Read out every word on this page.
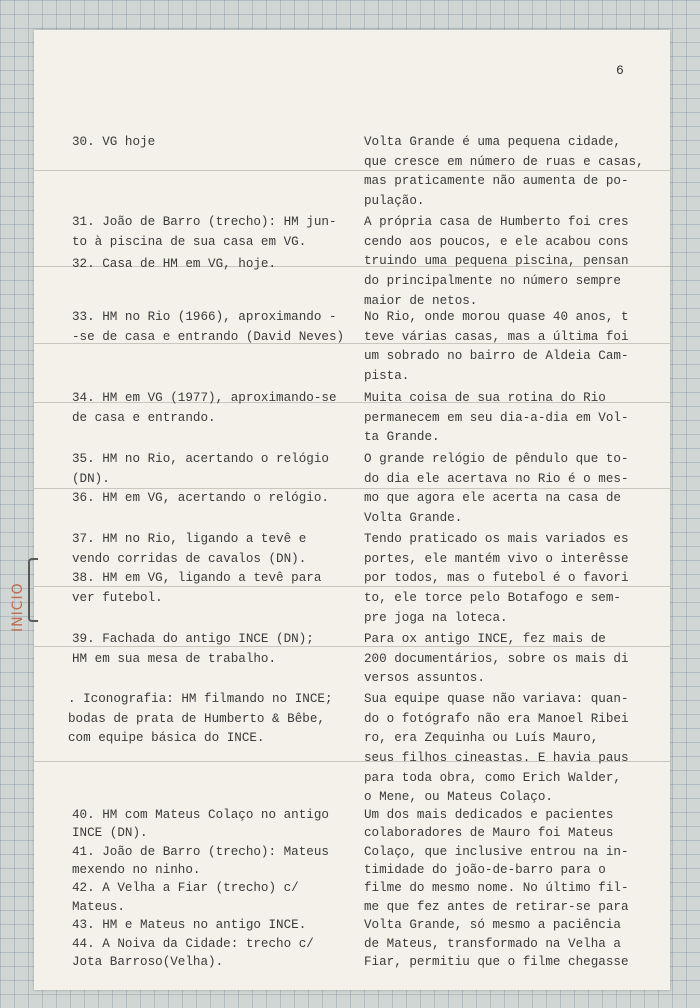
6

30. VG hoje

	Volta Grande é uma pequena cidade,
que cresce em número de ruas e casas,
mas praticamente não aumenta de po-
pulação.

31. João de Barro (trecho): HM jun-
to à piscina de sua casa em VG.
32. Casa de HM em VG, hoje.

A própria casa de Humberto foi cres
cendo aos poucos, e ele acabou cons
truindo uma pequena piscina, pensan
do principalmente no número sempre
maior de netos.

33. HM no Rio (1966), aproximando -
-se de casa e entrando (David Neves)

No Rio, onde morou quase 40 anos, t
teve várias casas, mas a última foi
um sobrado no bairro de Aldeia Cam-
pista.

34. HM em VG (1977), aproximando-se
de casa e entrando.

Muita coisa de sua rotina do Rio
permanecem em seu dia-a-dia em Vol-
ta Grande.

35. HM no Rio, acertando o relógio
(DN).
36. HM em VG, acertando o relógio.

O grande relógio de pêndulo que to-
do dia ele acertava no Rio é o mes-
mo que agora ele acerta na casa de
Volta Grande.

37. HM no Rio, ligando a tevê e
vendo corridas de cavalos (DN).
38. HM em VG, ligando a tevê para
ver futebol.

Tendo praticado os mais variados es
portes, ele mantém vivo o interêsse
por todos, mas o futebol é o favori
to, ele torce pelo Botafogo e sem-
pre joga na loteca.

39. Fachada do antigo INCE (DN);
HM em sua mesa de trabalho.

Para ox antigo INCE, fez mais de
200 documentários, sobre os mais di
versos assuntos.

. Iconografia: HM filmando no INCE;
bodas de prata de Humberto & Bêbe,
com equipe básica do INCE.

Sua equipe quase não variava: quan-
do o fotógrafo não era Manoel Ribei
ro, era Zequinha ou Luís Mauro,
seus filhos cineastas. E havia paus
para toda obra, como Erich Walder,
o Mene, ou Mateus Colaço.

40. HM com Mateus Colaço no antigo
INCE (DN).
41. João de Barro (trecho): Mateus
mexendo no ninho.
42. A Velha a Fiar (trecho) c/
Mateus.
43. HM e Mateus no antigo INCE.
44. A Noiva da Cidade: trecho c/
Jota Barroso(Velha).

Um dos mais dedicados e pacientes
colaboradores de Mauro foi Mateus
Colaço, que inclusive entrou na in-
timidade do joão-de-barro para o
filme do mesmo nome. No último fil-
me que fez antes de retirar-se para
Volta Grande, só mesmo a paciência
de Mateus, transformado na Velha a
Fiar, permitiu que o filme chegasse

INICIO
